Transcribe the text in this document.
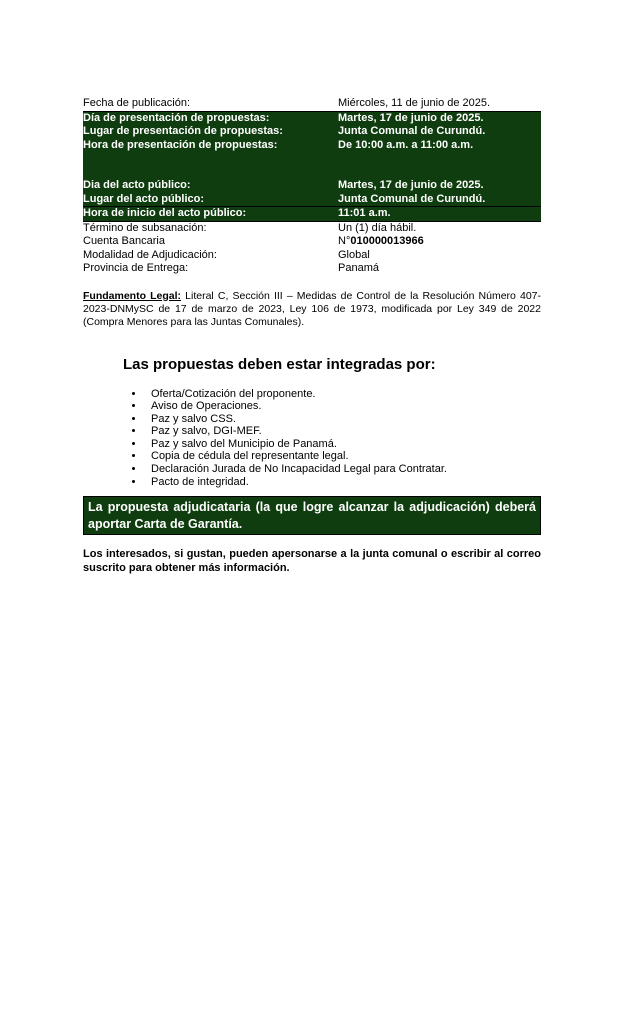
Fecha de publicación:	Miércoles, 11 de junio de 2025.
Día de presentación de propuestas:	Martes, 17 de junio de 2025.
Lugar de presentación de propuestas:	Junta Comunal de Curundú.
Hora de presentación de propuestas:	De 10:00 a.m. a 11:00 a.m.

Dia del acto público:	Martes, 17 de junio de 2025.
Lugar del acto público:	Junta Comunal de Curundú.
Hora de inicio del acto público:	11:01 a.m.
Término de subsanación:	Un (1) día hábil.
Cuenta Bancaria	N°010000013966
Modalidad de Adjudicación:	Global
Provincia de Entrega:	Panamá

Fundamento Legal: Literal C, Sección III – Medidas de Control de la Resolución Número 407-2023-DNMySC de 17 de marzo de 2023, Ley 106 de 1973, modificada por Ley 349 de 2022 (Compra Menores para las Juntas Comunales).

Las propuestas deben estar integradas por:
• Oferta/Cotización del proponente.
• Aviso de Operaciones.
• Paz y salvo CSS.
• Paz y salvo, DGI-MEF.
• Paz y salvo del Municipio de Panamá.
• Copia de cédula del representante legal.
• Declaración Jurada de No Incapacidad Legal para Contratar.
• Pacto de integridad.
La propuesta adjudicataria (la que logre alcanzar la adjudicación) deberá aportar Carta de Garantía.

Los interesados, si gustan, pueden apersonarse a la junta comunal o escribir al correo suscrito para obtener más información.
